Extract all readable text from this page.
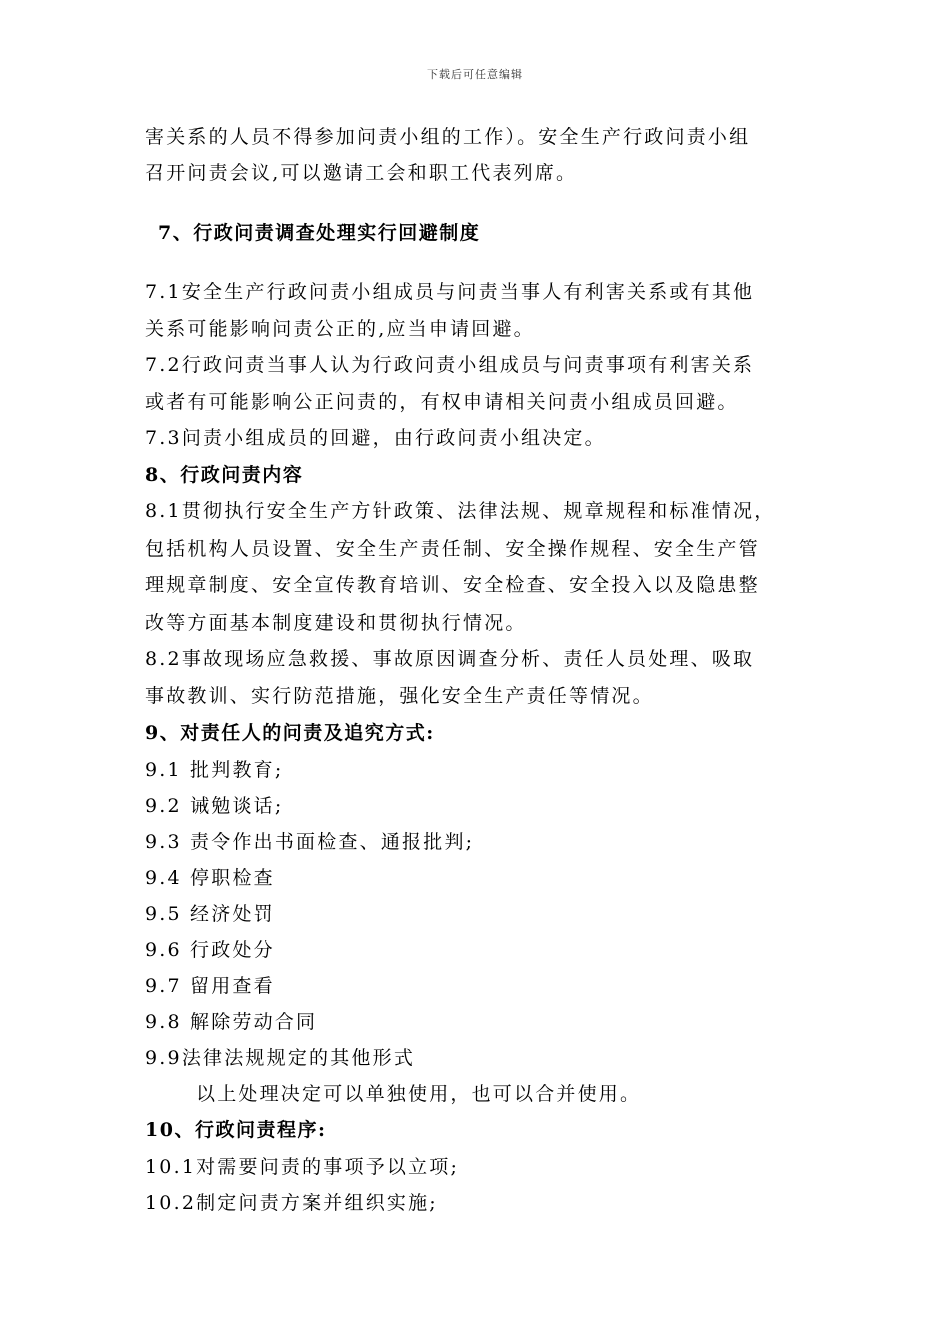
下载后可任意编辑
害关系的人员不得参加问责小组的工作）。安全生产行政问责小组
召开问责会议,可以邀请工会和职工代表列席。
7、行政问责调查处理实行回避制度
7.1安全生产行政问责小组成员与问责当事人有利害关系或有其他
关系可能影响问责公正的,应当申请回避。
7.2行政问责当事人认为行政问责小组成员与问责事项有利害关系
或者有可能影响公正问责的，有权申请相关问责小组成员回避。
7.3问责小组成员的回避，由行政问责小组决定。
8、行政问责内容
8.1贯彻执行安全生产方针政策、法律法规、规章规程和标准情况，
包括机构人员设置、安全生产责任制、安全操作规程、安全生产管
理规章制度、安全宣传教育培训、安全检查、安全投入以及隐患整
改等方面基本制度建设和贯彻执行情况。
8.2事故现场应急救援、事故原因调查分析、责任人员处理、吸取
事故教训、实行防范措施，强化安全生产责任等情况。
9、对责任人的问责及追究方式:
9.1 批判教育;
9.2 诫勉谈话;
9.3 责令作出书面检查、通报批判;
9.4 停职检查
9.5 经济处罚
9.6 行政处分
9.7 留用查看
9.8 解除劳动合同
9.9法律法规规定的其他形式
以上处理决定可以单独使用，也可以合并使用。
10、行政问责程序:
10.1对需要问责的事项予以立项;
10.2制定问责方案并组织实施;
